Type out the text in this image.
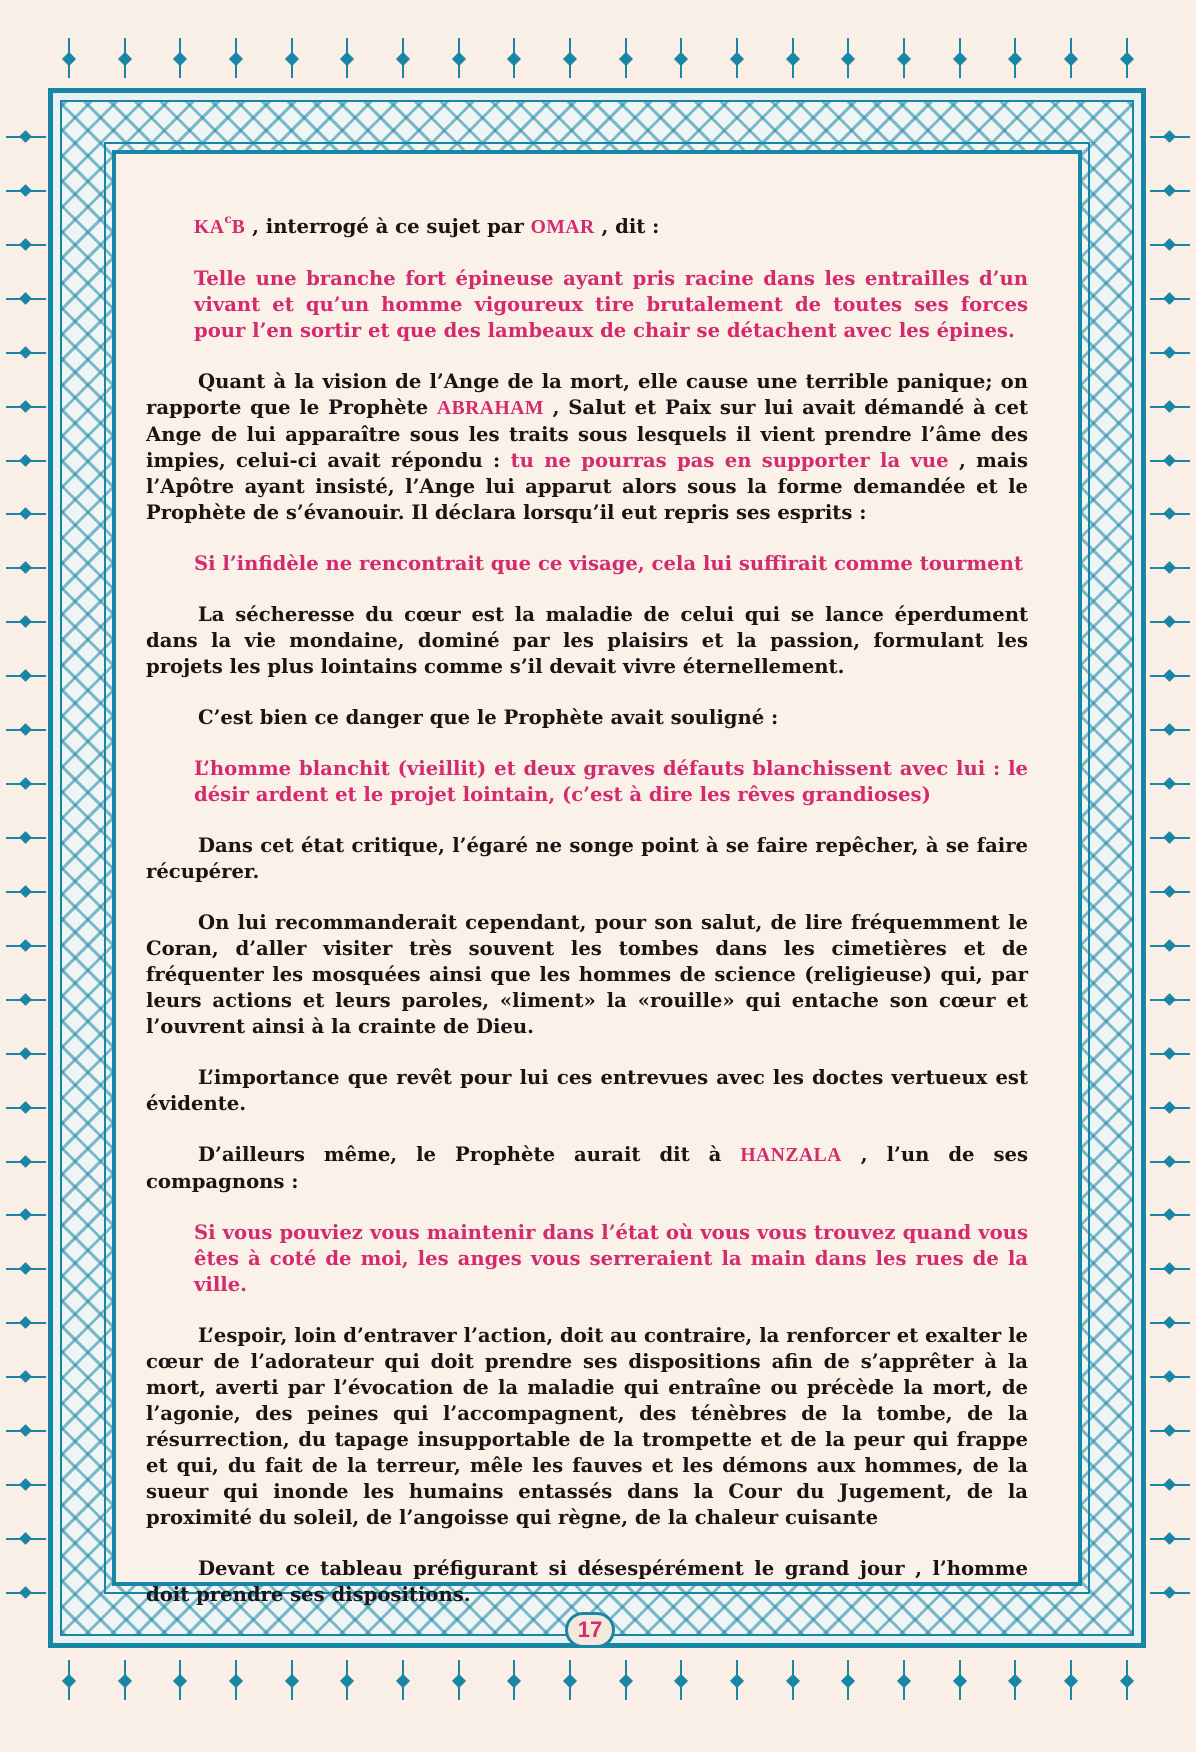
$KA^cB$ , interrogé à ce sujet par OMAR , dit :

Telle une branche fort épineuse ayant pris racine dans les entrailles d’un vivant et qu’un homme vigoureux tire brutalement de toutes ses forces pour l’en sortir et que des lambeaux de chair se détachent avec les épines.

Quant à la vision de l’Ange de la mort, elle cause une terrible panique; on rapporte que le Prophète ABRAHAM , Salut et Paix sur lui avait démandé à cet Ange de lui apparaître sous les traits sous lesquels il vient prendre l’âme des impies, celui-ci avait répondu : tu ne pourras pas en supporter la vue , mais l’Apôtre ayant insisté, l’Ange lui apparut alors sous la forme demandée et le Prophète de s’évanouir. Il déclara lorsqu’il eut repris ses esprits :

Si l’infidèle ne rencontrait que ce visage, cela lui suffirait comme tourment

La sécheresse du cœur est la maladie de celui qui se lance éperdument dans la vie mondaine, dominé par les plaisirs et la passion, formulant les projets les plus lointains comme s’il devait vivre éternellement.

C’est bien ce danger que le Prophète avait souligné :

L’homme blanchit (vieillit) et deux graves défauts blanchissent avec lui : le désir ardent et le projet lointain, (c’est à dire les rêves grandioses)

Dans cet état critique, l’égaré ne songe point à se faire repêcher, à se faire récupérer.

On lui recommanderait cependant, pour son salut, de lire fréquemment le Coran, d’aller visiter très souvent les tombes dans les cimetières et de fréquenter les mosquées ainsi que les hommes de science (religieuse) qui, par leurs actions et leurs paroles, «liment» la «rouille» qui entache son cœur et l’ouvrent ainsi à la crainte de Dieu.

L’importance que revêt pour lui ces entrevues avec les doctes vertueux est évidente.

D’ailleurs même, le Prophète aurait dit à HANZALA , l’un de ses compagnons :

Si vous pouviez vous maintenir dans l’état où vous vous trouvez quand vous êtes à coté de moi, les anges vous serreraient la main dans les rues de la ville.

L’espoir, loin d’entraver l’action, doit au contraire, la renforcer et exalter le cœur de l’adorateur qui doit prendre ses dispositions afin de s’apprêter à la mort, averti par l’évocation de la maladie qui entraîne ou précède la mort, de l’agonie, des peines qui l’accompagnent, des ténèbres de la tombe, de la résurrection, du tapage insupportable de la trompette et de la peur qui frappe et qui, du fait de la terreur, mêle les fauves et les démons aux hommes, de la sueur qui inonde les humains entassés dans la Cour du Jugement, de la proximité du soleil, de l’angoisse qui règne, de la chaleur cuisante

Devant ce tableau préfigurant si désespérément le grand jour , l’homme doit prendre ses dispositions.

17
